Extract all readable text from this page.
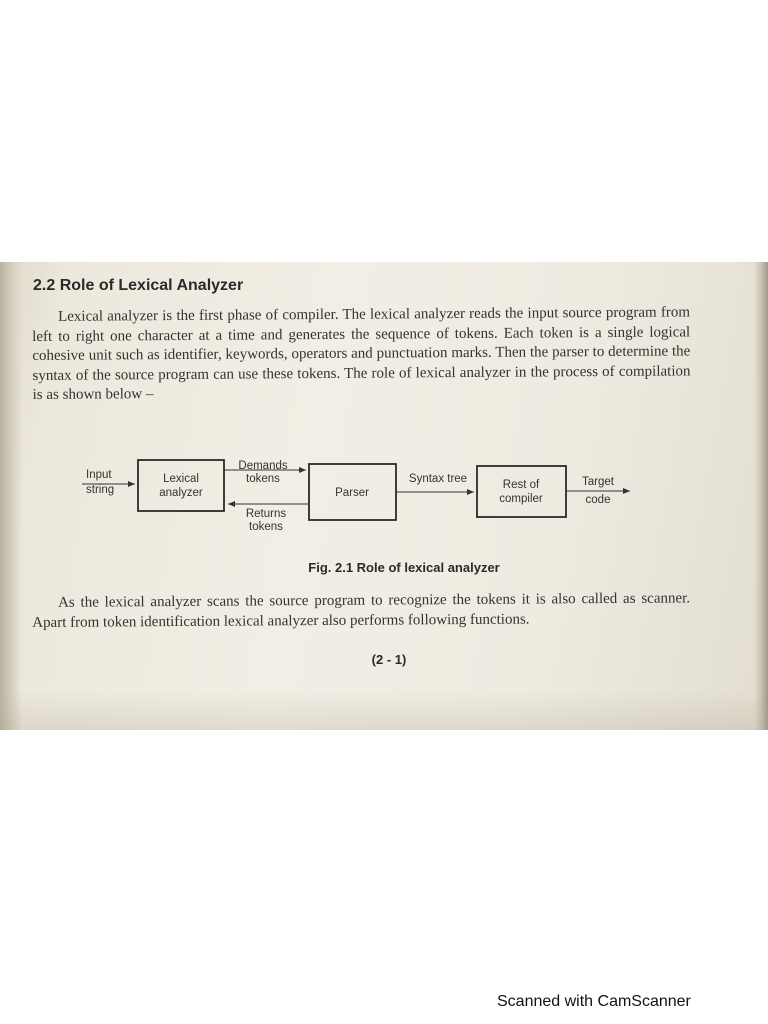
2.2 Role of Lexical Analyzer

Lexical analyzer is the first phase of compiler. The lexical analyzer reads the input source program from left to right one character at a time and generates the sequence of tokens. Each token is a single logical cohesive unit such as identifier, keywords, operators and punctuation marks. Then the parser to determine the syntax of the source program can use these tokens. The role of lexical analyzer in the process of compilation is as shown below –

Input
string
Lexical
analyzer
Demands
tokens
Returns
tokens
Parser
Syntax tree	Rest of
compiler
Target
code

Fig. 2.1 Role of lexical analyzer

As the lexical analyzer scans the source program to recognize the tokens it is also called as scanner. Apart from token identification lexical analyzer also performs following functions.

(2 - 1)

Scanned with CamScanner
